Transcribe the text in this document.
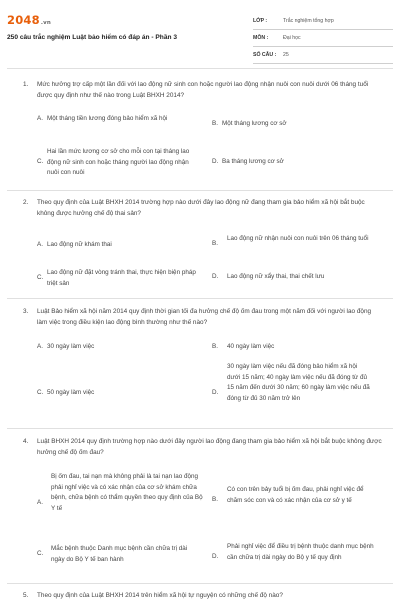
2048.vn
250 câu trắc nghiệm Luật bảo hiểm có đáp án - Phần 3
LỚP :	Trắc nghiệm tổng hợp
MÔN :	Đại học
SỐ CÂU :	25
1. Mức hưởng trợ cấp một lần đối với lao động nữ sinh con hoặc người lao động nhận nuôi con nuôi dưới 06 tháng tuổi được quy định như thế nào trong Luật BHXH 2014?
A. Một tháng tiền lương đóng bảo hiểm xã hội
B. Một tháng lương cơ sở
C.
Hai lần mức lương cơ sở cho mỗi con tại tháng lao động nữ sinh con hoặc tháng người lao động nhận nuôi con nuôi
D. Ba tháng lương cơ sở
2. Theo quy định của Luật BHXH 2014 trường hợp nào dưới đây lao động nữ đang tham gia bảo hiểm xã hội bắt buộc không được hưởng chế độ thai sản?
A. Lao động nữ khám thai	B.
Lao động nữ nhận nuôi con nuôi trên 06 tháng tuổi
C.
Lao động nữ đặt vòng tránh thai, thực hiện biện pháp triệt sản
D.	Lao động nữ xẩy thai, thai chết lưu
3. Luật Bảo hiểm xã hội năm 2014 quy định thời gian tối đa hưởng chế độ ốm đau trong một năm đối với người lao động làm việc trong điều kiện lao động bình thường như thế nào?
A. 30 ngày làm việc	B.	40 ngày làm việc
C. 50 ngày làm việc	D.
30 ngày làm việc nếu đã đóng bảo hiểm xã hội dưới 15 năm; 40 ngày làm việc nếu đã đóng từ đủ 15 năm đến dưới 30 năm; 60 ngày làm việc nếu đã đóng từ đủ 30 năm trở lên
4. Luật BHXH 2014 quy định trường hợp nào dưới đây người lao động đang tham gia bảo hiểm xã hội bắt buộc không được hưởng chế độ ốm đau?
A.
Bị ốm đau, tai nạn mà không phải là tai nạn lao động phải nghỉ việc và có xác nhận của cơ sở khám chữa bệnh, chữa bệnh có thẩm quyền theo quy định của Bộ Y tế
B.
Có con trên bảy tuổi bị ốm đau, phải nghỉ việc để chăm sóc con và có xác nhận của cơ sở y tế
C.
Mắc bệnh thuộc Danh mục bệnh cần chữa trị dài ngày do Bộ Y tế ban hành	D.
Phải nghỉ việc để điều trị bệnh thuộc danh mục bệnh cần chữa trị dài ngày do Bộ y tế quy định
5. Theo quy định của Luật BHXH 2014 trên hiểm xã hội tự nguyện có những chế độ nào?
